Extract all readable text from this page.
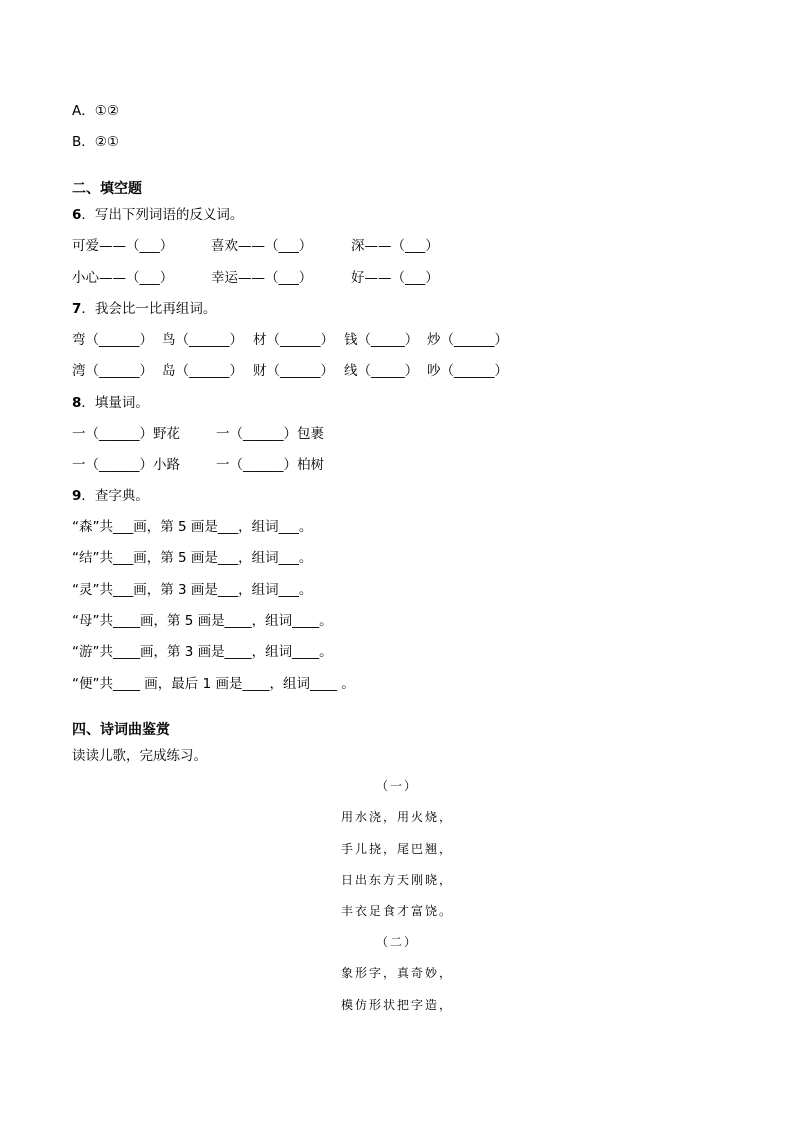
A．①②
B．②①
二、填空题
6．写出下列词语的反义词。
可爱——（___）	喜欢——（___）	深——（___）
小心——（___）	幸运——（___）	好——（___）
7．我会比一比再组词。
弯（______） 鸟（______） 材（______） 钱（_____） 炒（______）
湾（______） 岛（______） 财（______） 线（_____） 吵（______）
8．填量词。
一（______）野花	一（______）包裹
一（______）小路	一（______）柏树
9．查字典。
“森”共___画，第 5 画是___，组词___。
“结”共___画，第 5 画是___，组词___。
“灵”共___画，第 3 画是___，组词___。
“母”共____画，第 5 画是____，组词____。
“游”共____画，第 3 画是____，组词____。
“便”共____ 画，最后 1 画是____，组词____ 。
四、诗词曲鉴赏
读读儿歌，完成练习。
（一）
用水浇，用火烧，
手儿挠，尾巴翘，
日出东方天刚晓，
丰衣足食才富饶。
（二）
象形字，真奇妙，
模仿形状把字造，
